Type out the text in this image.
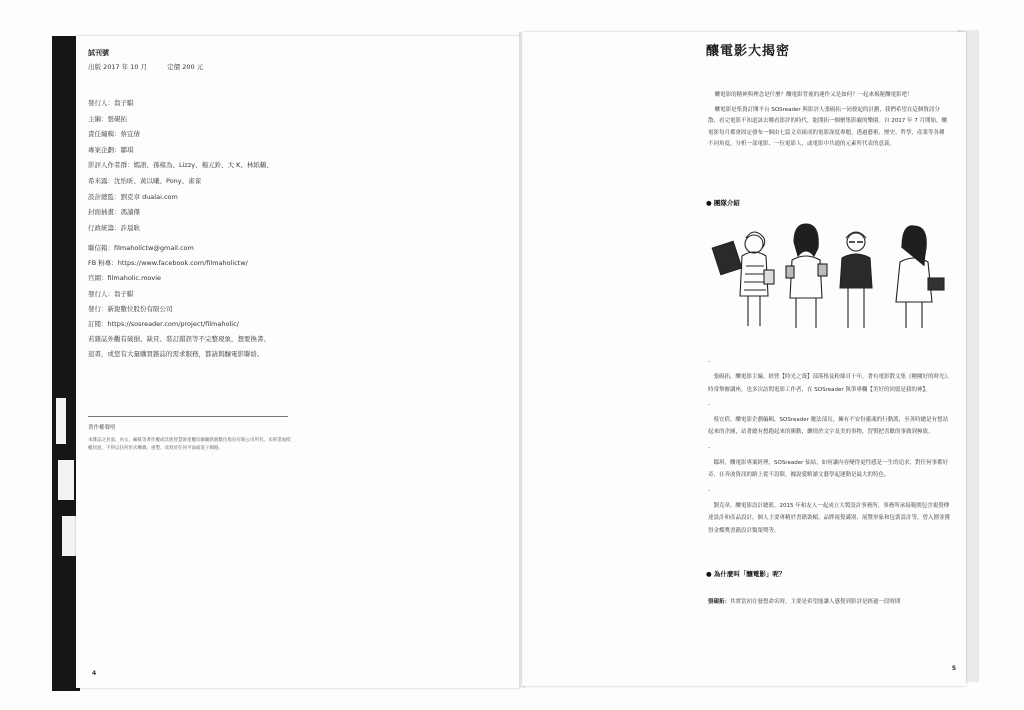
試刊號
出版 2017 年 10 月	定價 200 元
發行人：翁子騏
主編：張硯拓
責任編輯：蔡宜倩
專案企劃：鄒琪
影評人作者群：嫣語、孫雍為、Lizzy、楊元鈴、大 K、林紙鶴、
希米露：沈怡昕、黃以曦、Pony、雀雀
設計總監：劉克韋 dualai.com
封面插畫：馮讀傑
行政統籌：許晨耿
聯信箱：filmaholictw@gmail.com
FB 粉專：https://www.facebook.com/filmaholictw/
官網：filmaholic.movie
發行人：翁子騏
發行：新銳數位股份有限公司
訂閱：https://sosreader.com/project/filmaholic/
若雜誌外觀有破損、缺頁、裝訂錯誤等不完整現象，想要換書、
退書，或您有大量購買雜誌的需求服務，都請與釀電影聯絡。
著作權聲明
本雜誌之封面、內文、編排等著作權或其他智慧財產權均歸屬新銳數位股份有限公司所有。未經書面授權同意，不得以任何形式轉載、重製、改寫於任何平面或電子網路。
4
釀電影大揭密

釀電影的精神與理念是什麼？釀電影背後的運作又是如何？一起來揭秘釀電影吧！

釀電影是集資訂閱平台 SOSreader 與影評人張硯拓一同發起的計劃，我們希望在這個資訊分散、看完電影不知道該去哪看影評的時代，能開拓一個聚集影癡的樂園。自 2017 年 7 月開始，釀電影每月都會固定發布一個由七篇文章組成的電影深度專題，透過藝術、歷史、哲學、產業等各種不同角度，分析一部電影、一位電影人，或電影中共通的元素所代表的意義。

● 團隊介紹
-

張硯拓，釀電影主編，經營【時光之殼】部落格及粉絲頁十年，著有電影散文集《剛剛好的時光》。時常舉辦講座，也多次訪問電影工作者，在 SOSreader 執筆專欄【美好的回憶是我的神】。

-

蔡宜倩，釀電影企劃編輯，SOSreader 魔法部長，擁有不安份靈魂的行動派，至善時總是有想站起來的企圖，站著總有想跑起來的衝動，纏情於文字及美的事物，習慣把喜歡的事做到極致。

-

鄒琪，釀電影專案經理，SOSreader 仙姑，如何讓內容變得更性感是一生的追求，對任何事都好奇，在奔波資訊的路上從不設限，據說愛略讀文藝學起運動是最大的特色。

-

劉克韋，釀電影設計總監，2015 年和友人一起成立大製設計事務所，事務所承接範圍包含視覺傳達設計和產品設計，個人主要專精於書籍裝幀、品牌視覺識別、展覽形象和包裝設計等，曾入圍並獲得金蝶獎書籍設計類榮獎等。

● 為什麼叫「釀電影」呢？
張硯拓：其實當初在發想命名時，主要是希望能讓人感覺到影評是經過一段時間
5
